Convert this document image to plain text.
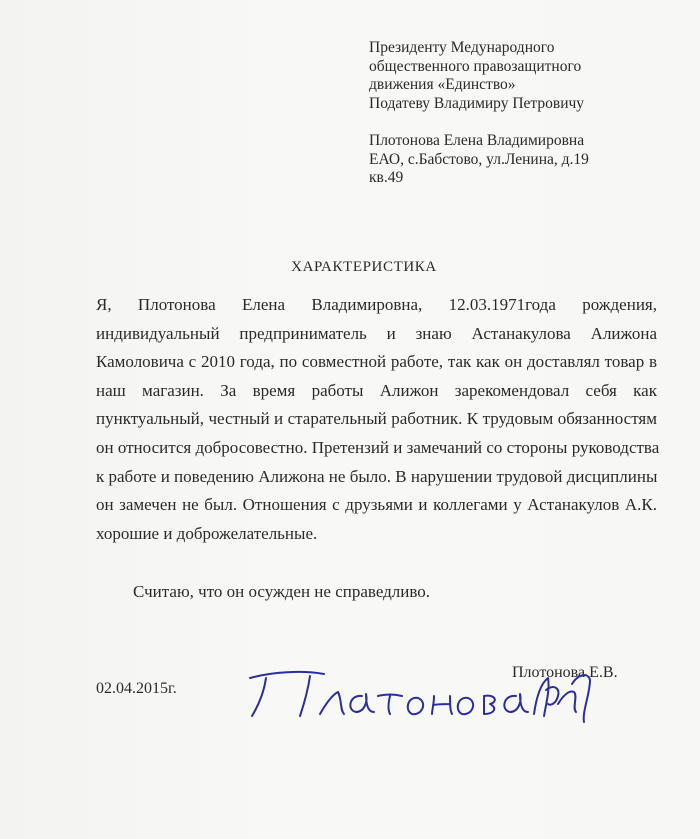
Президенту Медународного
общественного правозащитного
движения «Единство»
Податеву Владимиру Петровичу
Плотонова Елена Владимировна
ЕАО, с.Бабстово, ул.Ленина, д.19
кв.49
ХАРАКТЕРИСТИКА
Я, Плотонова Елена Владимировна, 12.03.1971года рождения,
индивидуальный предприниматель и знаю Астанакулова Алижона
Камоловича с 2010 года, по совместной работе, так как он доставлял товар в
наш магазин. За время работы Алижон зарекомендовал себя как
пунктуальный, честный и старательный работник. К трудовым обязанностям
он относится добросовестно. Претензий и замечаний со стороны руководства
к работе и поведению Алижона не было. В нарушении трудовой дисциплины
он замечен не был. Отношения с друзьями и коллегами у Астанакулов А.К.
хорошие и доброжелательные.
Считаю, что он осужден не справедливо.
02.04.2015г.
Плотонова Е.В.
